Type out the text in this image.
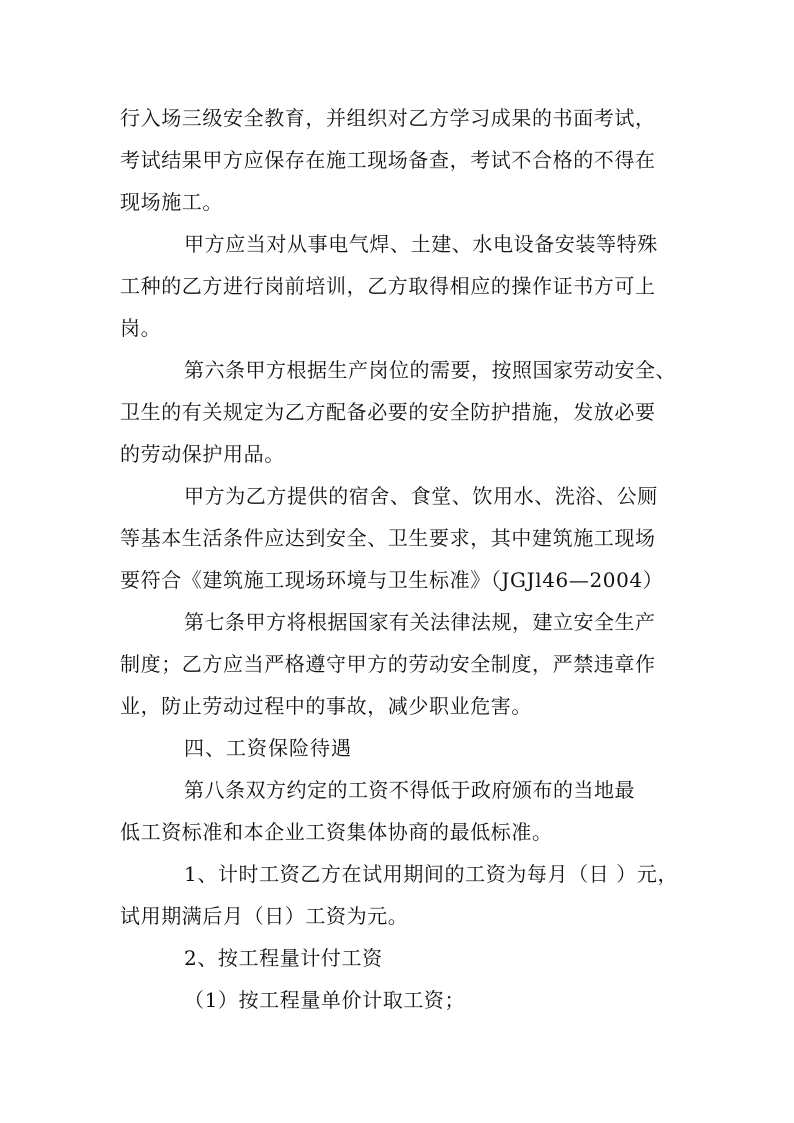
行入场三级安全教育，并组织对乙方学习成果的书面考试，
考试结果甲方应保存在施工现场备查，考试不合格的不得在
现场施工。
甲方应当对从事电气焊、土建、水电设备安装等特殊
工种的乙方进行岗前培训，乙方取得相应的操作证书方可上
岗。
第六条甲方根据生产岗位的需要，按照国家劳动安全、
卫生的有关规定为乙方配备必要的安全防护措施，发放必要
的劳动保护用品。
甲方为乙方提供的宿舍、食堂、饮用水、洗浴、公厕
等基本生活条件应达到安全、卫生要求，其中建筑施工现场
要符合《建筑施工现场环境与卫生标准》（JGJl46—2004）
第七条甲方将根据国家有关法律法规，建立安全生产
制度；乙方应当严格遵守甲方的劳动安全制度，严禁违章作
业，防止劳动过程中的事故，减少职业危害。
四、工资保险待遇
第八条双方约定的工资不得低于政府颁布的当地最
低工资标准和本企业工资集体协商的最低标准。
1、计时工资乙方在试用期间的工资为每月（日 ）元，
试用期满后月（日）工资为元。
2、按工程量计付工资
（1）按工程量单价计取工资；
